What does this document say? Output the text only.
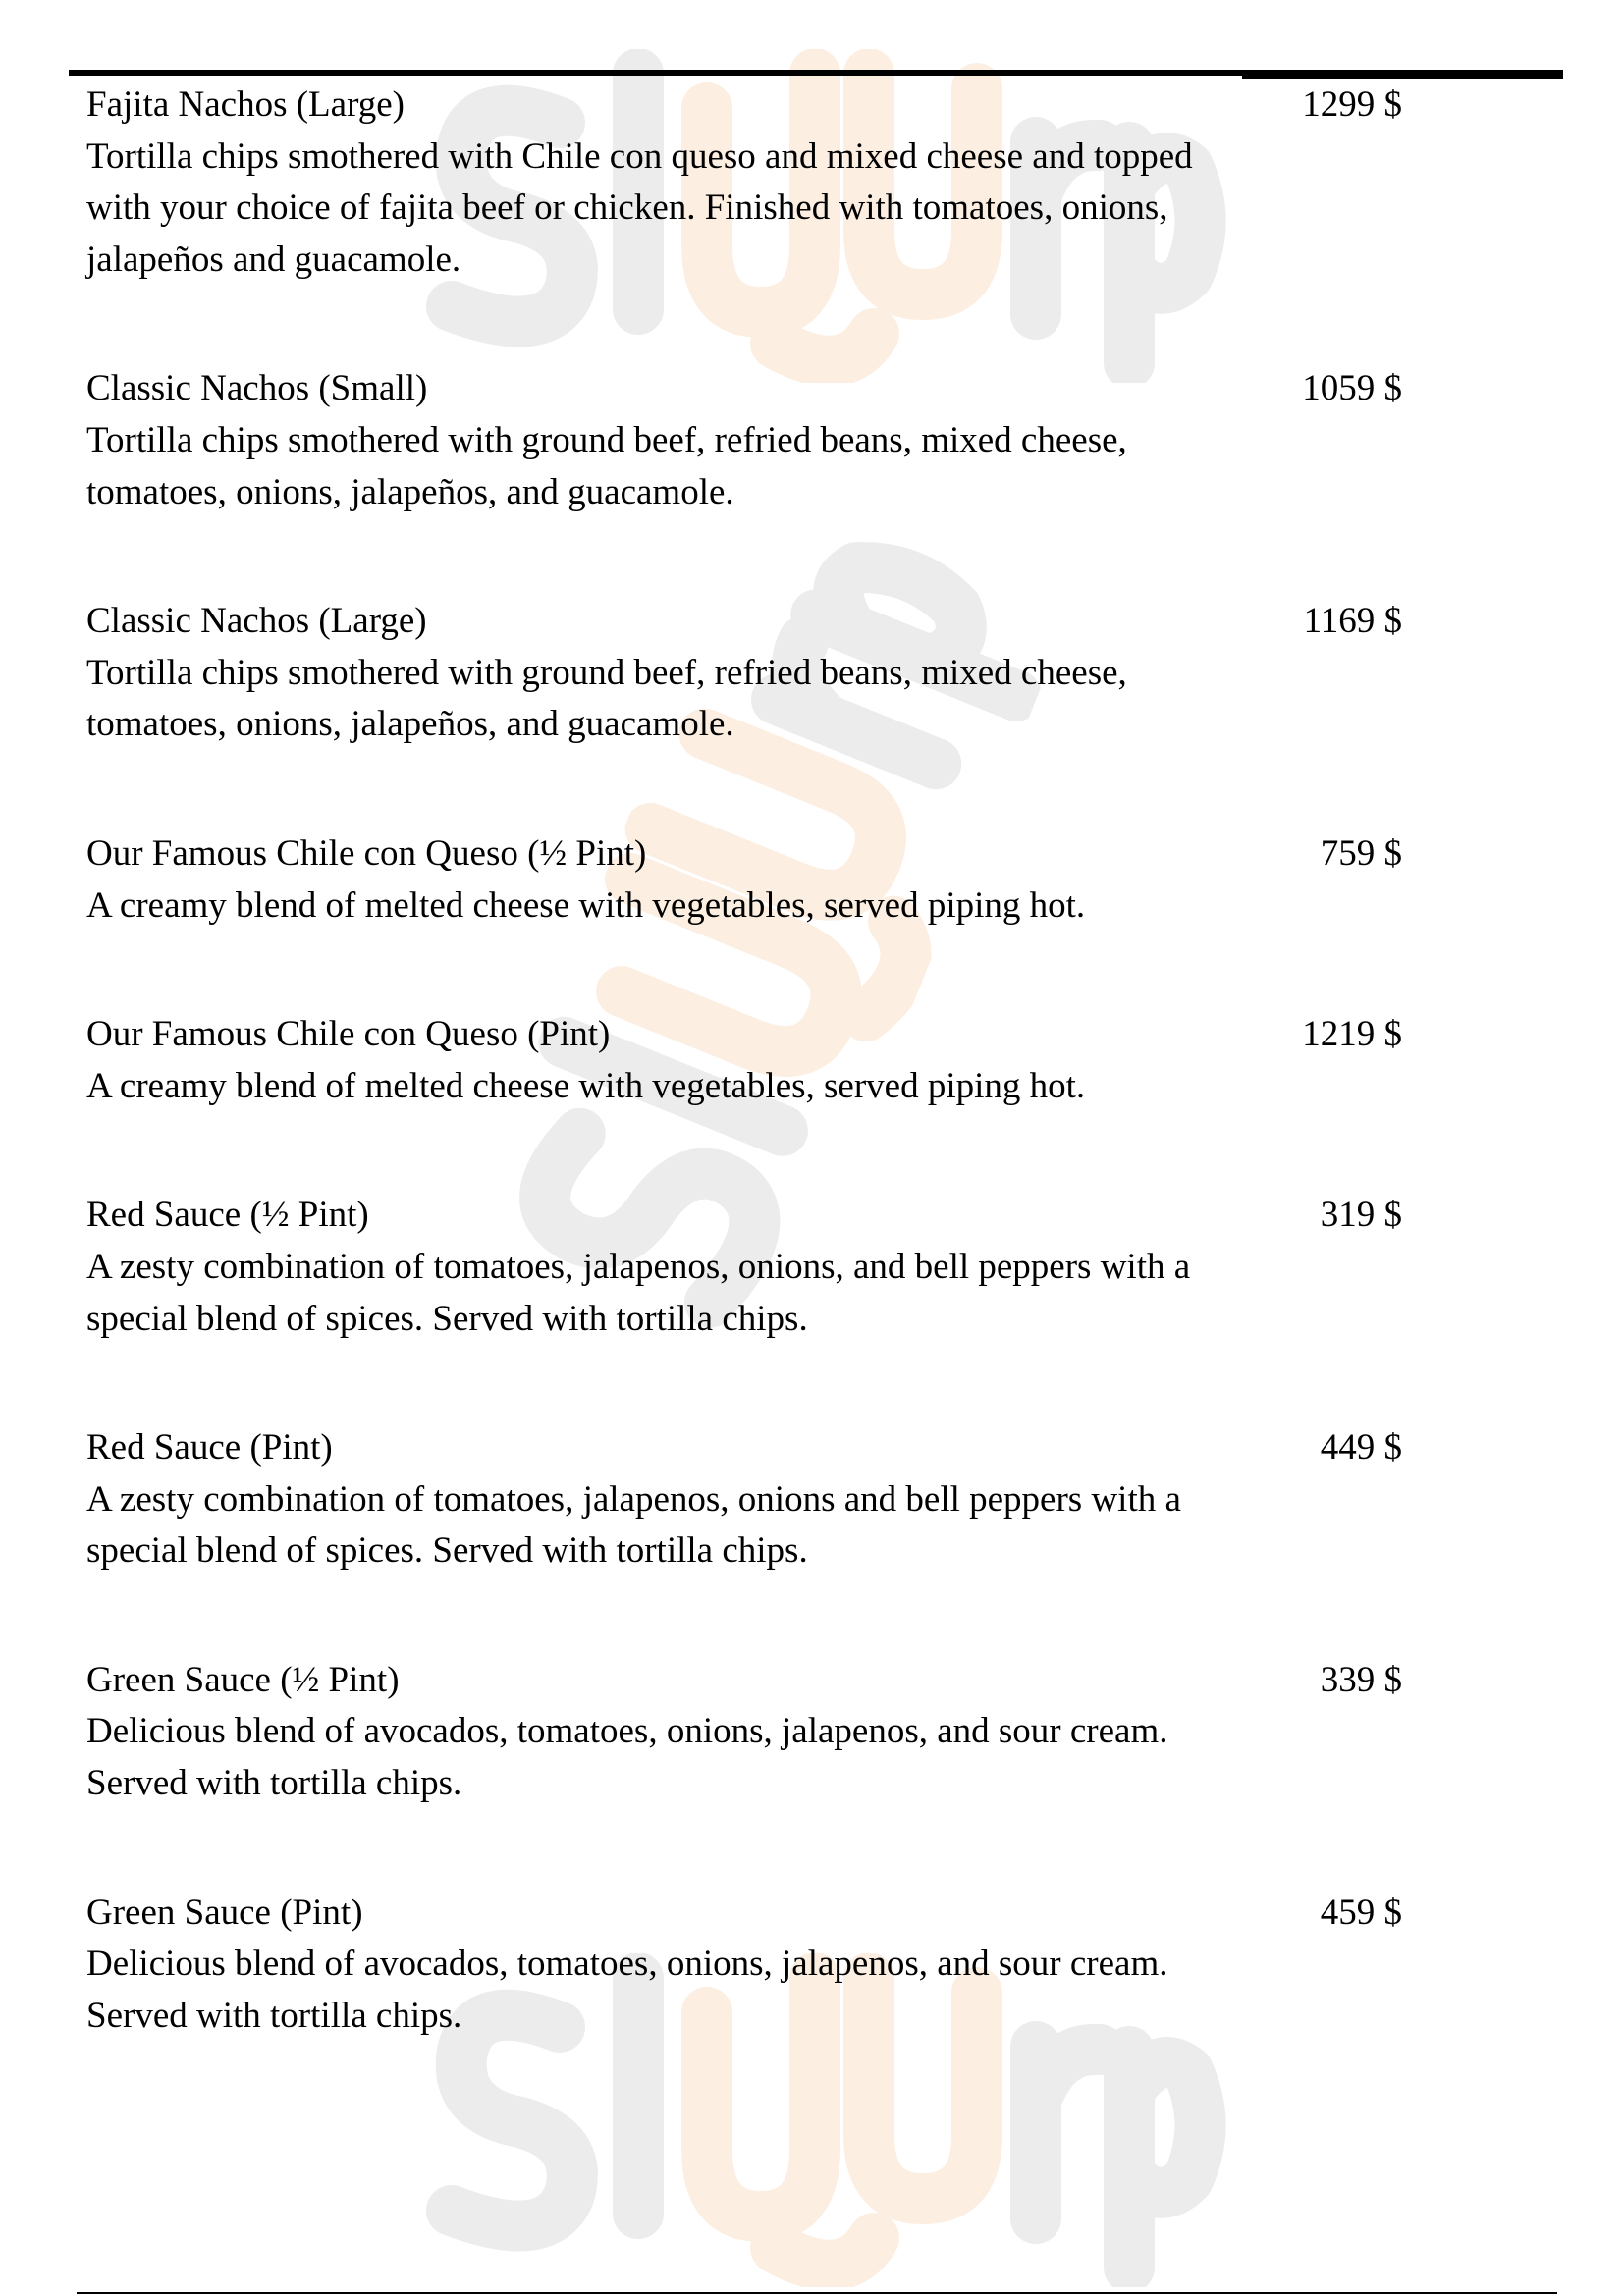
Fajita Nachos (Large)
Tortilla chips smothered with Chile con queso and mixed cheese and topped with your choice of fajita beef or chicken. Finished with tomatoes, onions, jalapeños and guacamole.
1299 $
Classic Nachos (Small)
Tortilla chips smothered with ground beef, refried beans, mixed cheese, tomatoes, onions, jalapeños, and guacamole.
1059 $
Classic Nachos (Large)
Tortilla chips smothered with ground beef, refried beans, mixed cheese, tomatoes, onions, jalapeños, and guacamole.
1169 $
Our Famous Chile con Queso (½ Pint)
A creamy blend of melted cheese with vegetables, served piping hot.
759 $
Our Famous Chile con Queso (Pint)
A creamy blend of melted cheese with vegetables, served piping hot.
1219 $
Red Sauce (½ Pint)
A zesty combination of tomatoes, jalapenos, onions, and bell peppers with a special blend of spices. Served with tortilla chips.
319 $
Red Sauce (Pint)
A zesty combination of tomatoes, jalapenos, onions and bell peppers with a special blend of spices. Served with tortilla chips.
449 $
Green Sauce (½ Pint)
Delicious blend of avocados, tomatoes, onions, jalapenos, and sour cream. Served with tortilla chips.
339 $
Green Sauce (Pint)
Delicious blend of avocados, tomatoes, onions, jalapenos, and sour cream. Served with tortilla chips.
459 $
